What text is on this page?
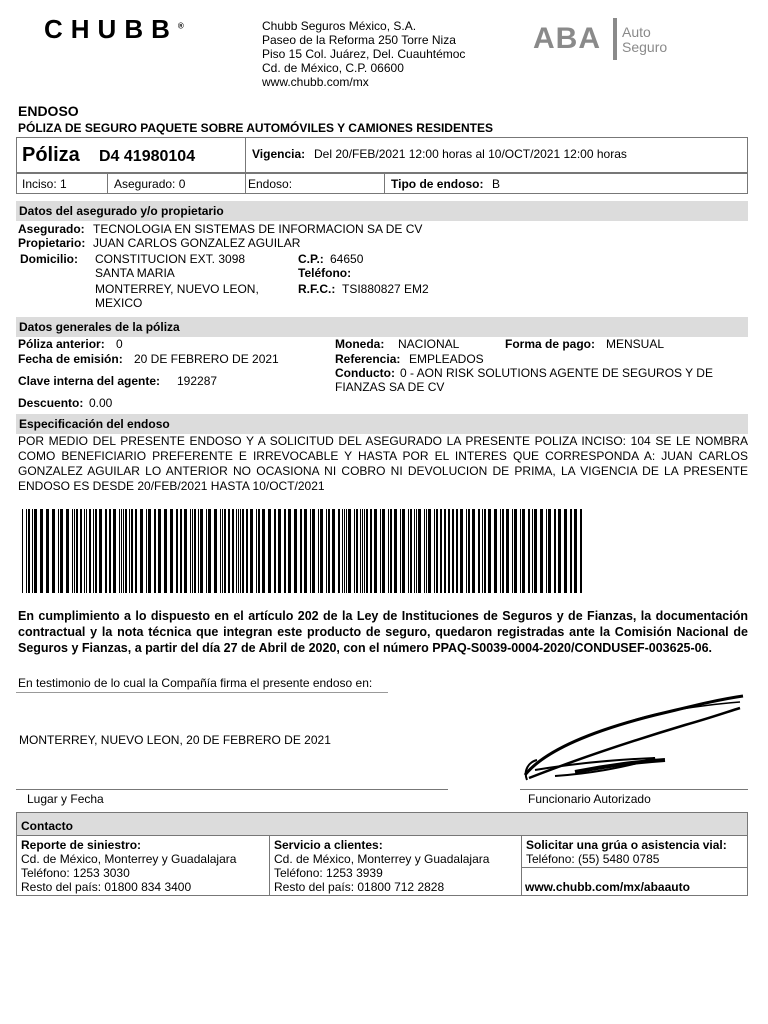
CHUBB®	Chubb Seguros México, S.A.
Paseo de la Reforma 250 Torre Niza
Piso 15 Col. Juárez, Del. Cuauhtémoc
Cd. de México, C.P. 06600
www.chubb.com/mx
ABA Auto
Seguro
ENDOSO
PÓLIZA DE SEGURO PAQUETE SOBRE AUTOMÓVILES Y CAMIONES RESIDENTES
Póliza D4 41980104	Vigencia: Del 20/FEB/2021 12:00 horas al 10/OCT/2021 12:00 horas
Inciso: 1	Asegurado: 0	Endoso:	Tipo de endoso: B
Datos del asegurado y/o propietario
Asegurado: TECNOLOGIA EN SISTEMAS DE INFORMACION SA DE CV
Propietario: JUAN CARLOS GONZALEZ AGUILAR
Domicilio: CONSTITUCION EXT. 3098
SANTA MARIA
MONTERREY, NUEVO LEON,
MEXICO
C.P.: 64650
Teléfono:
R.F.C.: TSI880827 EM2
Datos generales de la póliza
Póliza anterior: 0
Fecha de emisión: 20 DE FEBRERO DE 2021
Clave interna del agente: 192287
Descuento: 0.00
Moneda: NACIONAL	Forma de pago: MENSUAL
Referencia: EMPLEADOS
Conducto: 0 - AON RISK SOLUTIONS AGENTE DE SEGUROS Y DE
FIANZAS SA DE CV
Especificación del endoso
POR MEDIO DEL PRESENTE ENDOSO Y A SOLICITUD DEL ASEGURADO LA PRESENTE POLIZA INCISO: 104 SE LE NOMBRA COMO BENEFICIARIO PREFERENTE E IRREVOCABLE Y HASTA POR EL INTERES QUE CORRESPONDA A: JUAN CARLOS GONZALEZ AGUILAR LO ANTERIOR NO OCASIONA NI COBRO NI DEVOLUCION DE PRIMA, LA VIGENCIA DE LA PRESENTE ENDOSO ES DESDE 20/FEB/2021 HASTA 10/OCT/2021
En cumplimiento a lo dispuesto en el artículo 202 de la Ley de Instituciones de Seguros y de Fianzas, la documentación contractual y la nota técnica que integran este producto de seguro, quedaron registradas ante la Comisión Nacional de Seguros y Fianzas, a partir del día 27 de Abril de 2020, con el número PPAQ-S0039-0004-2020/CONDUSEF-003625-06.
En testimonio de lo cual la Compañía firma el presente endoso en:
MONTERREY, NUEVO LEON, 20 DE FEBRERO DE 2021
Lugar y Fecha	Funcionario Autorizado
Contacto
Reporte de siniestro:
Cd. de México, Monterrey y Guadalajara
Teléfono: 1253 3030
Resto del país: 01800 834 3400
Servicio a clientes:
Cd. de México, Monterrey y Guadalajara
Teléfono: 1253 3939
Resto del país: 01800 712 2828
Solicitar una grúa o asistencia vial:
Teléfono: (55) 5480 0785
www.chubb.com/mx/abaauto
